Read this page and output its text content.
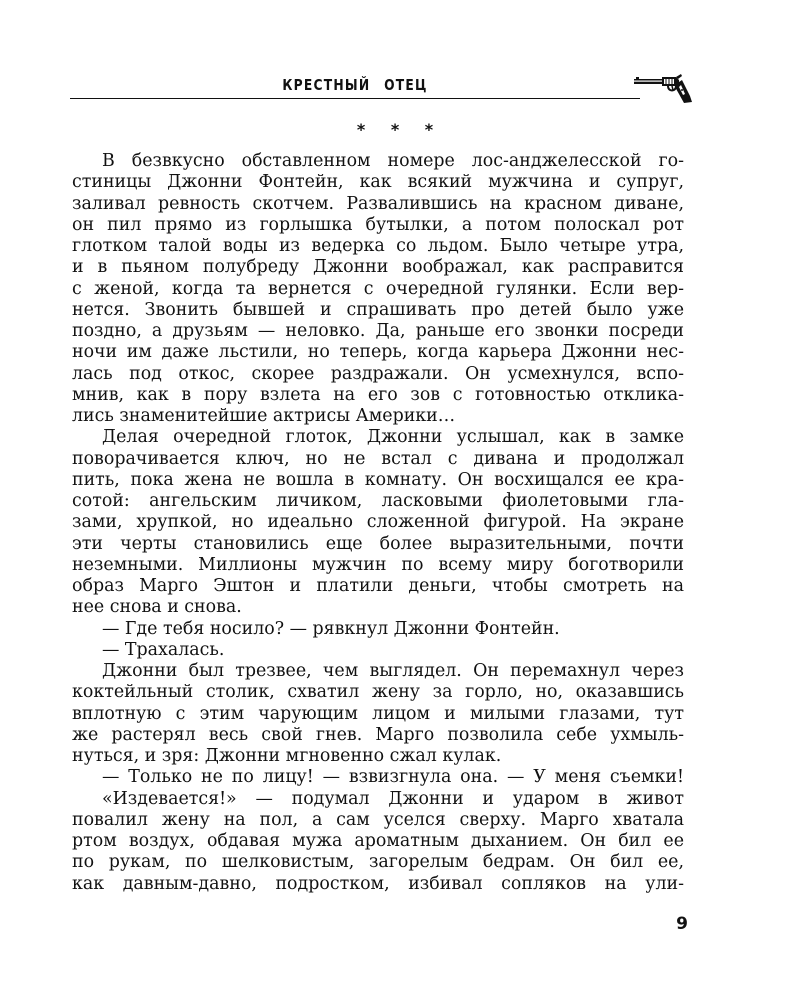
КРЕСТНЫЙ ОТЕЦ
* * *
В безвкусно обставленном номере лос-анджелесской го-
стиницы Джонни Фонтейн, как всякий мужчина и супруг,
заливал ревность скотчем. Развалившись на красном диване,
он пил прямо из горлышка бутылки, а потом полоскал рот
глотком талой воды из ведерка со льдом. Было четыре утра,
и в пьяном полубреду Джонни воображал, как расправится
с женой, когда та вернется с очередной гулянки. Если вер-
нется. Звонить бывшей и спрашивать про детей было уже
поздно, а друзьям — неловко. Да, раньше его звонки посреди
ночи им даже льстили, но теперь, когда карьера Джонни нес-
лась под откос, скорее раздражали. Он усмехнулся, вспо-
мнив, как в пору взлета на его зов с готовностью отклика-
лись знаменитейшие актрисы Америки…
Делая очередной глоток, Джонни услышал, как в замке
поворачивается ключ, но не встал с дивана и продолжал
пить, пока жена не вошла в комнату. Он восхищался ее кра-
сотой: ангельским личиком, ласковыми фиолетовыми гла-
зами, хрупкой, но идеально сложенной фигурой. На экране
эти черты становились еще более выразительными, почти
неземными. Миллионы мужчин по всему миру боготворили
образ Марго Эштон и платили деньги, чтобы смотреть на
нее снова и снова.
— Где тебя носило? — рявкнул Джонни Фонтейн.
— Трахалась.
Джонни был трезвее, чем выглядел. Он перемахнул через
коктейльный столик, схватил жену за горло, но, оказавшись
вплотную с этим чарующим лицом и милыми глазами, тут
же растерял весь свой гнев. Марго позволила себе ухмыль-
нуться, и зря: Джонни мгновенно сжал кулак.
— Только не по лицу! — взвизгнула она. — У меня съемки!
«Издевается!» — подумал Джонни и ударом в живот
повалил жену на пол, а сам уселся сверху. Марго хватала
ртом воздух, обдавая мужа ароматным дыханием. Он бил ее
по рукам, по шелковистым, загорелым бедрам. Он бил ее,
как давным-давно, подростком, избивал сопляков на ули-
9
